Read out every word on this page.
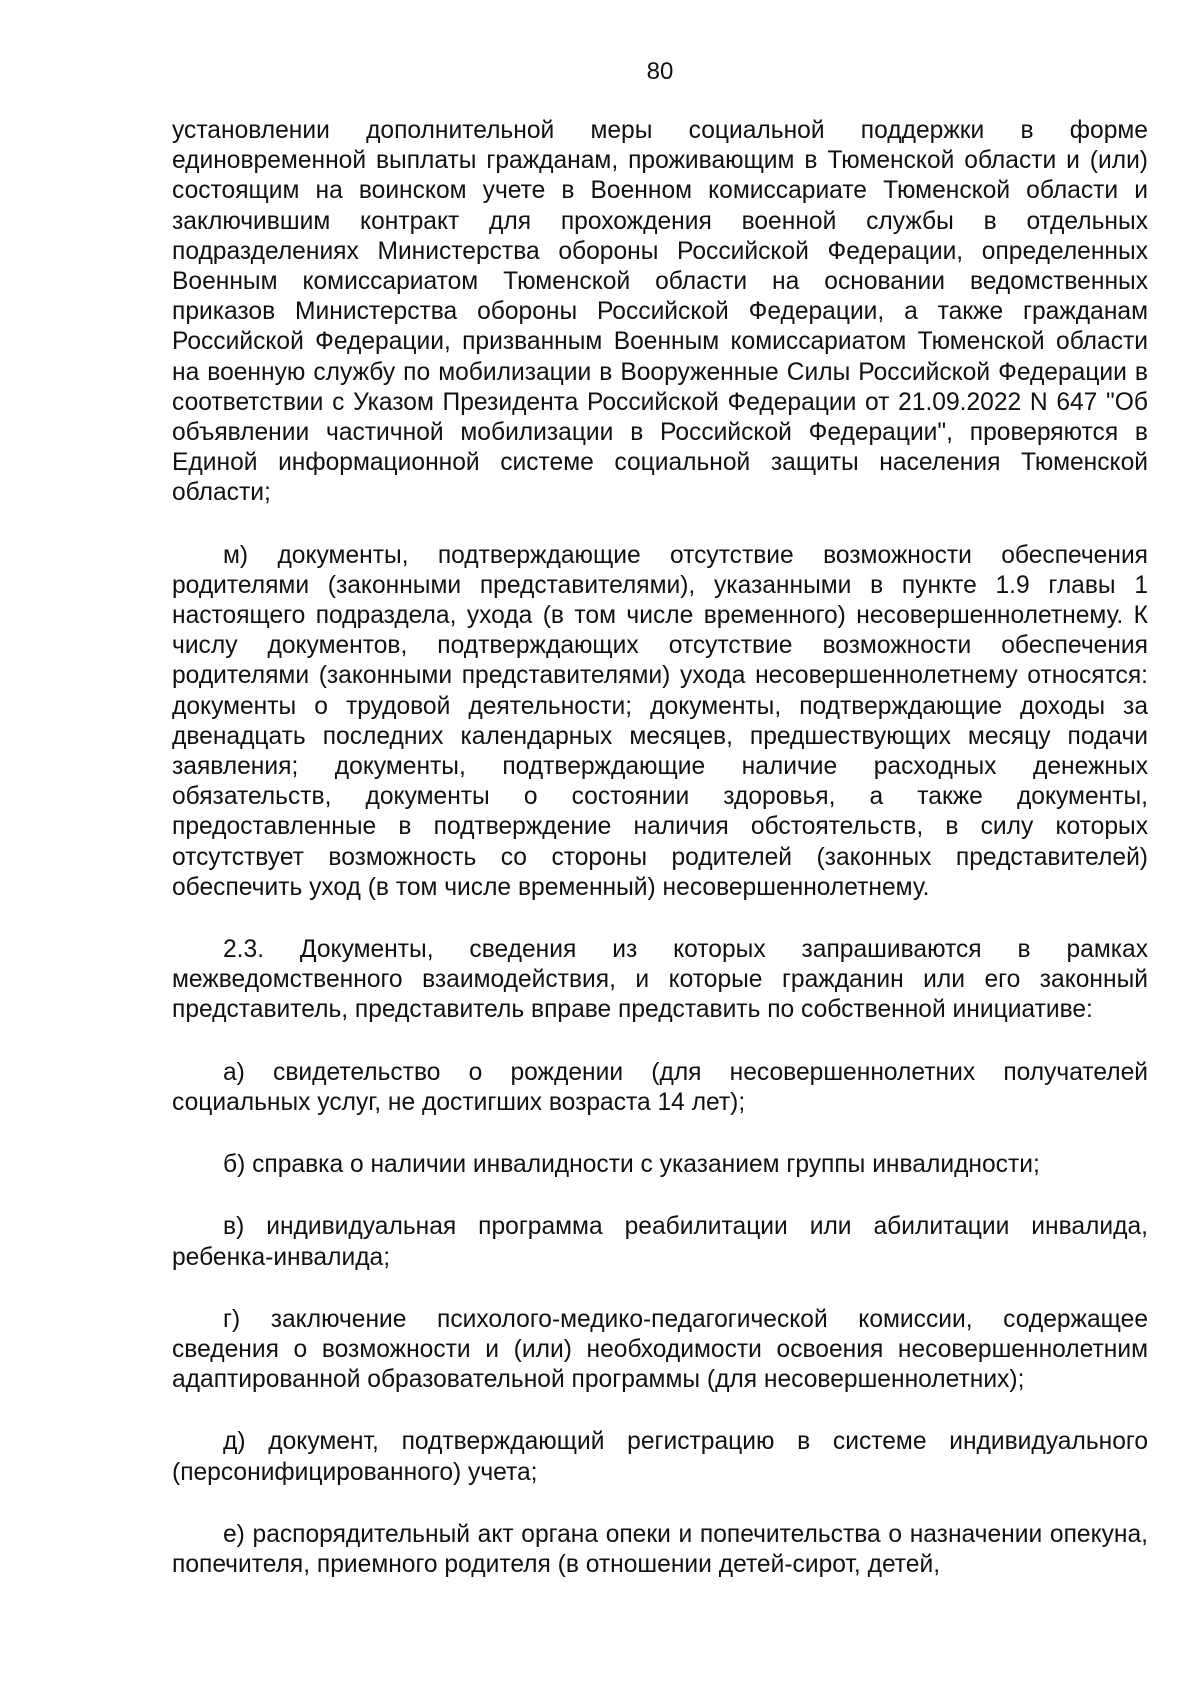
80

установлении дополнительной меры социальной поддержки в форме единовременной выплаты гражданам, проживающим в Тюменской области и (или) состоящим на воинском учете в Военном комиссариате Тюменской области и заключившим контракт для прохождения военной службы в отдельных подразделениях Министерства обороны Российской Федерации, определенных Военным комиссариатом Тюменской области на основании ведомственных приказов Министерства обороны Российской Федерации, а также гражданам Российской Федерации, призванным Военным комиссариатом Тюменской области на военную службу по мобилизации в Вооруженные Силы Российской Федерации в соответствии с Указом Президента Российской Федерации от 21.09.2022 N 647 "Об объявлении частичной мобилизации в Российской Федерации", проверяются в Единой информационной системе социальной защиты населения Тюменской области;

м) документы, подтверждающие отсутствие возможности обеспечения родителями (законными представителями), указанными в пункте 1.9 главы 1 настоящего подраздела, ухода (в том числе временного) несовершеннолетнему. К числу документов, подтверждающих отсутствие возможности обеспечения родителями (законными представителями) ухода несовершеннолетнему относятся: документы о трудовой деятельности; документы, подтверждающие доходы за двенадцать последних календарных месяцев, предшествующих месяцу подачи заявления; документы, подтверждающие наличие расходных денежных обязательств, документы о состоянии здоровья, а также документы, предоставленные в подтверждение наличия обстоятельств, в силу которых отсутствует возможность со стороны родителей (законных представителей) обеспечить уход (в том числе временный) несовершеннолетнему.

2.3. Документы, сведения из которых запрашиваются в рамках межведомственного взаимодействия, и которые гражданин или его законный представитель, представитель вправе представить по собственной инициативе:

а) свидетельство о рождении (для несовершеннолетних получателей социальных услуг, не достигших возраста 14 лет);

б) справка о наличии инвалидности с указанием группы инвалидности;

в) индивидуальная программа реабилитации или абилитации инвалида, ребенка-инвалида;

г) заключение психолого-медико-педагогической комиссии, содержащее сведения о возможности и (или) необходимости освоения несовершеннолетним адаптированной образовательной программы (для несовершеннолетних);

д) документ, подтверждающий регистрацию в системе индивидуального (персонифицированного) учета;

е) распорядительный акт органа опеки и попечительства о назначении опекуна, попечителя, приемного родителя (в отношении детей-сирот, детей,
